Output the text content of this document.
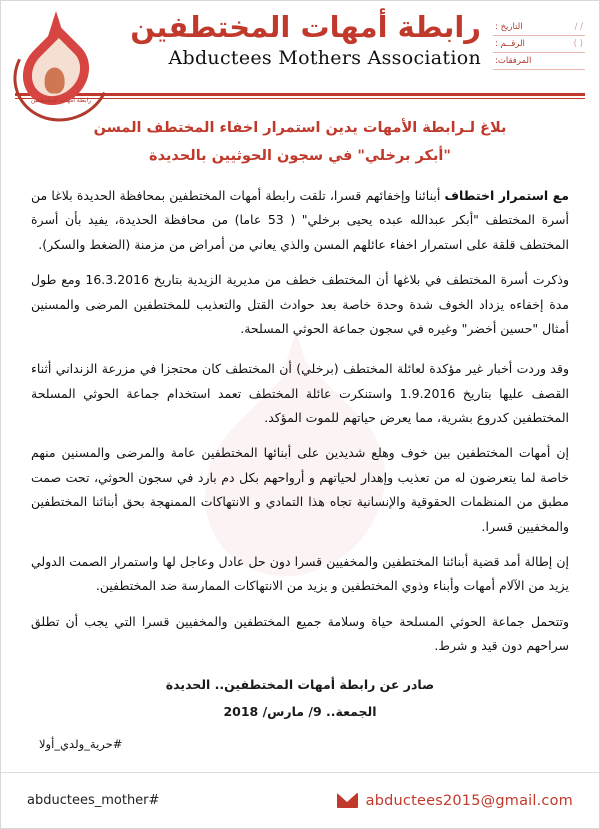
رابطة أمهات المختطفين
Abductees Mothers Association
التاريخ :	/ /
الرقــم :	( )
المرفقات:
رابطة أمهات المختطفين
بلاغ لـرابطة الأمهات يدين استمرار اخفاء المختطف المسن
"أبكر برخلي" في سجون الحوثيين بالحديدة

مع استمرار اختطاف أبنائنا وإخفائهم قسرا، تلقت رابطة أمهات المختطفين بمحافظة الحديدة بلاغا من أسرة المختطف "أبكر عبدالله عبده يحيى برخلي" ( 53 عاما) من محافظة الحديدة، يفيد بأن أسرة المختطف قلقة على استمرار اخفاء عائلهم المسن والذي يعاني من أمراض من مزمنة (الضغط والسكر).

وذكرت أسرة المختطف في بلاغها أن المختطف خطف من مديرية الزيدية بتاريخ 16.3.2016 ومع طول مدة إخفاءه يزداد الخوف شدة وحدة خاصة بعد حوادث القتل والتعذيب للمختطفين المرضى والمسنين أمثال "حسين أخضر" وغيره في سجون جماعة الحوثي المسلحة.

وقد وردت أخبار غير مؤكدة لعائلة المختطف (برخلي) أن المختطف كان محتجزا في مزرعة الزنداني أثناء القصف عليها بتاريخ 1.9.2016 واستنكرت عائلة المختطف تعمد استخدام جماعة الحوثي المسلحة المختطفين كدروع بشرية، مما يعرض حياتهم للموت المؤكد.

إن أمهات المختطفين بين خوف وهلع شديدين على أبنائها المختطفين عامة والمرضى والمسنين منهم خاصة لما يتعرضون له من تعذيب وإهدار لحياتهم و أرواحهم بكل دم بارد في سجون الحوثي، تحت صمت مطبق من المنظمات الحقوقية والإنسانية تجاه هذا التمادي و الانتهاكات الممنهجة بحق أبنائنا المختطفين والمخفيين قسرا.

إن إطالة أمد قضية أبنائنا المختطفين والمخفيين قسرا دون حل عادل وعاجل لها واستمرار الصمت الدولي يزيد من الآلام أمهات وأبناء وذوي المختطفين و يزيد من الانتهاكات الممارسة ضد المختطفين.

وتتحمل جماعة الحوثي المسلحة حياة وسلامة جميع المختطفين والمخفيين قسرا التي يجب أن تطلق سراحهم دون قيد و شرط.

صادر عن رابطة أمهات المختطفين.. الحديدة
الجمعة.. 9/ مارس/ 2018
#حرية_ولدي_أولا
abductees_mother#	abductees2015@gmail.com
